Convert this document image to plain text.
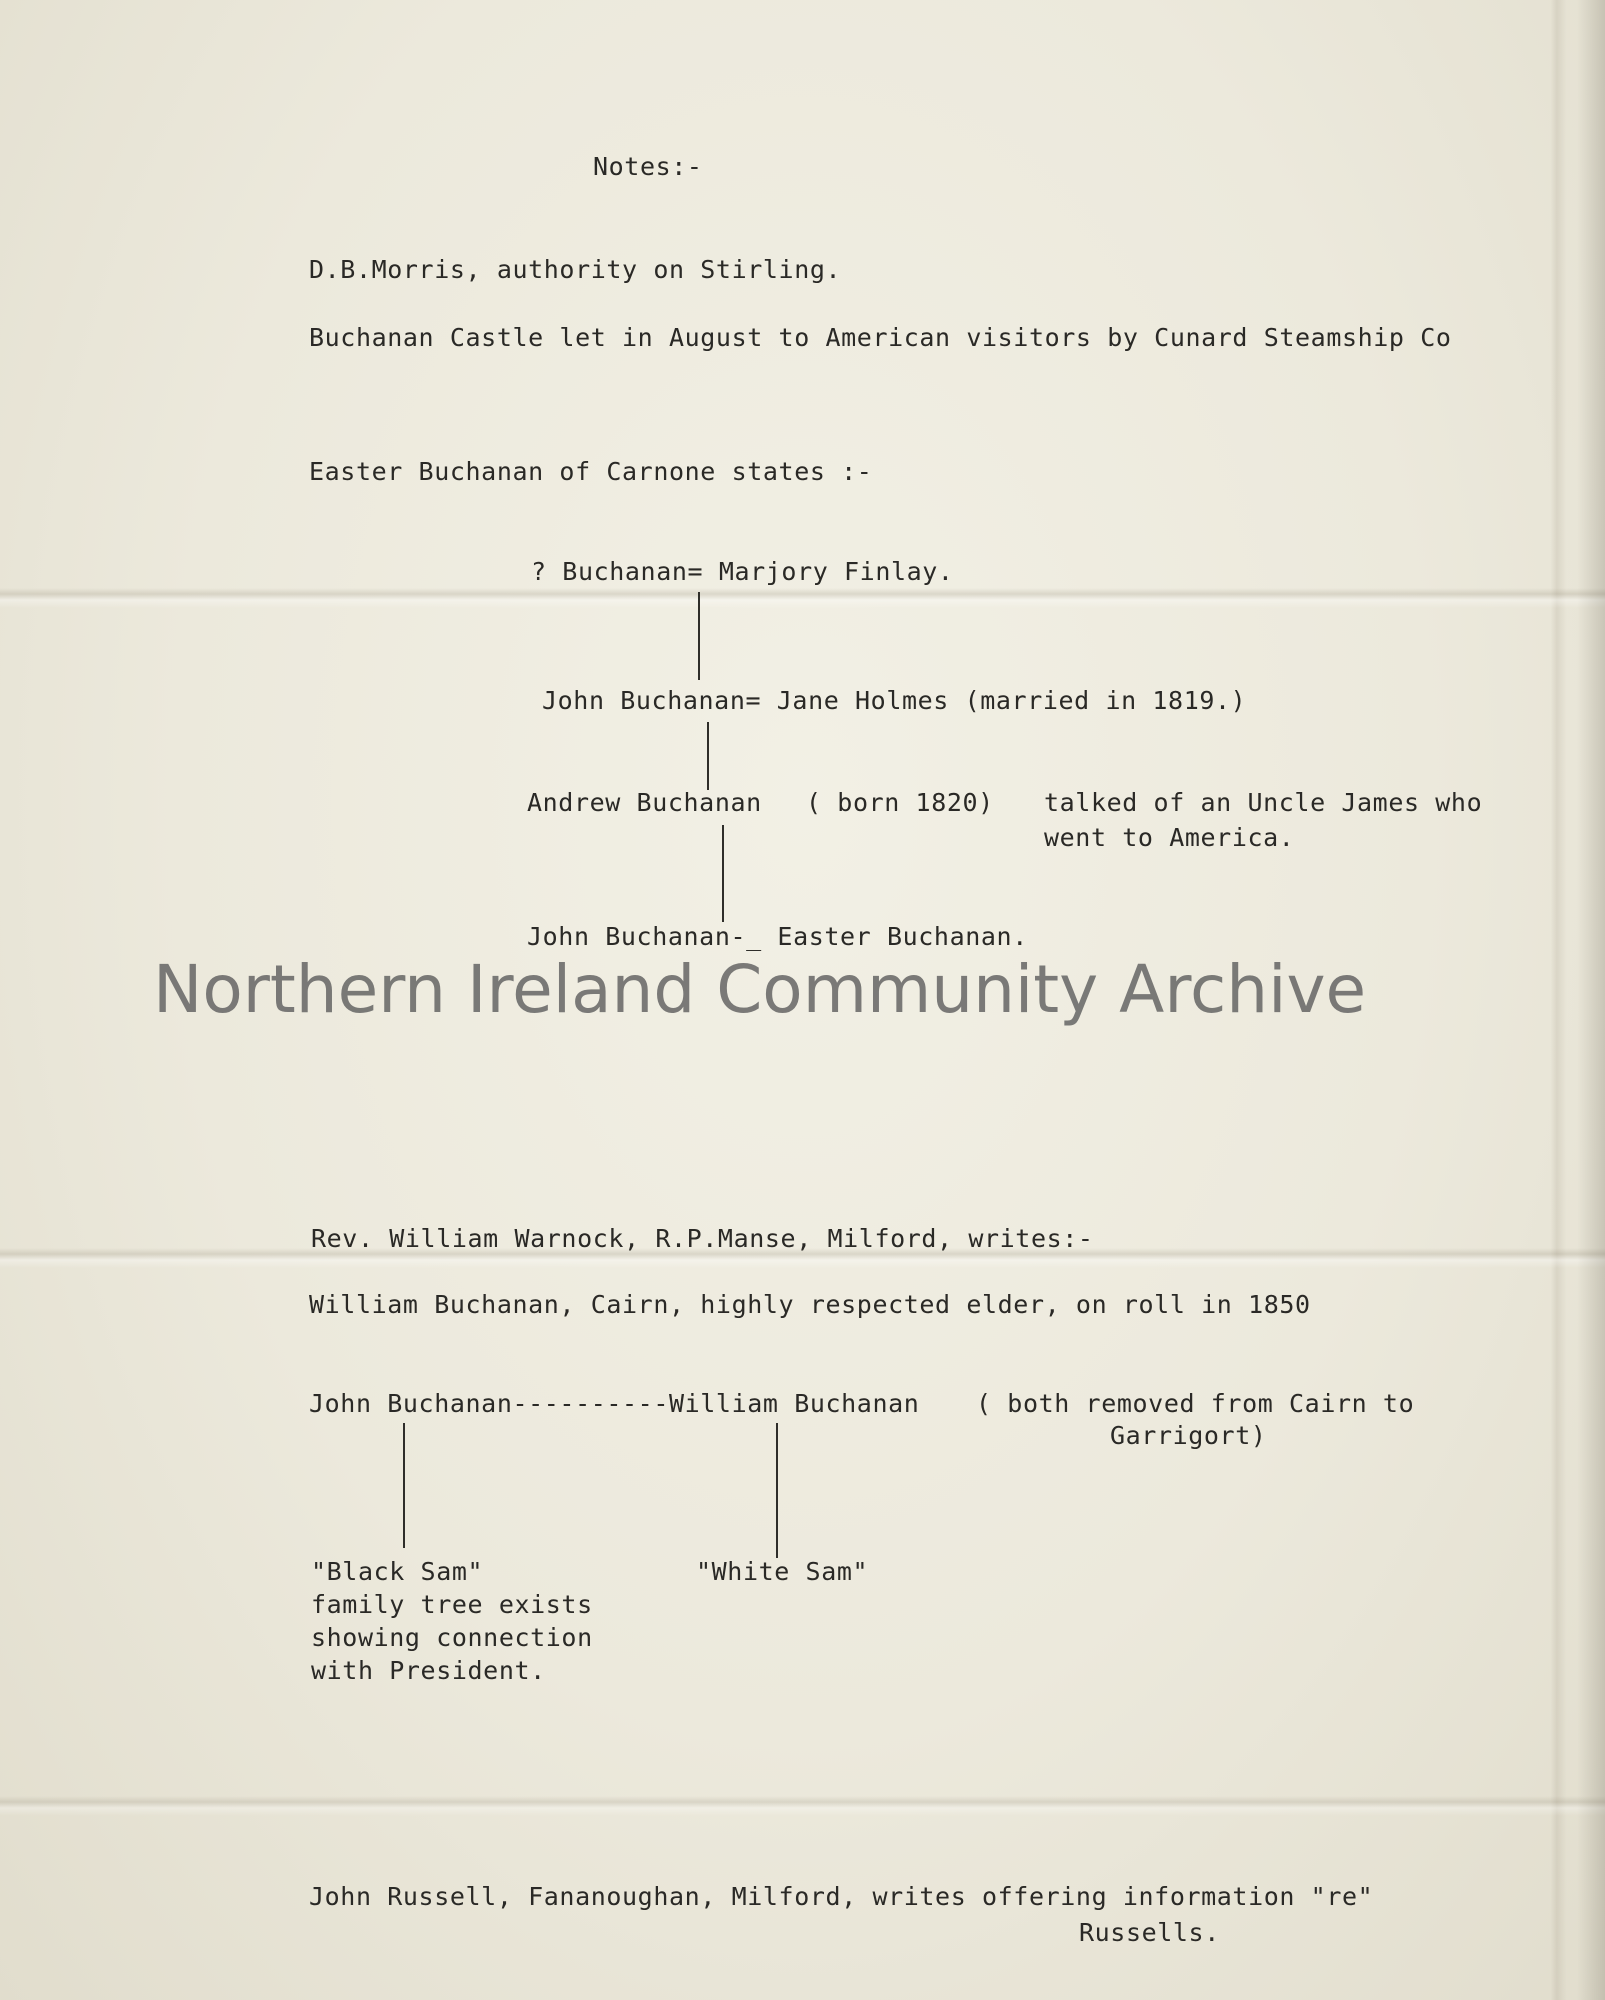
Notes:-

D.B.Morris, authority on Stirling.

Buchanan Castle let in August to American visitors by Cunard Steamship Co

Easter Buchanan of Carnone states :-

? Buchanan= Marjory Finlay.

John Buchanan= Jane Holmes (married in 1819.)

Andrew Buchanan ( born 1820) talked of an Uncle James who

went to America.

John Buchanan-_ Easter Buchanan.

Northern Ireland Community Archive

Rev. William Warnock, R.P.Manse, Milford, writes:-

William Buchanan, Cairn, highly respected elder, on roll in 1850

John Buchanan----------William Buchanan ( both removed from Cairn to

Garrigort)

"Black Sam"

family tree exists

showing connection

with President.

"White Sam"

John Russell, Fananoughan, Milford, writes offering information "re"

Russells.
